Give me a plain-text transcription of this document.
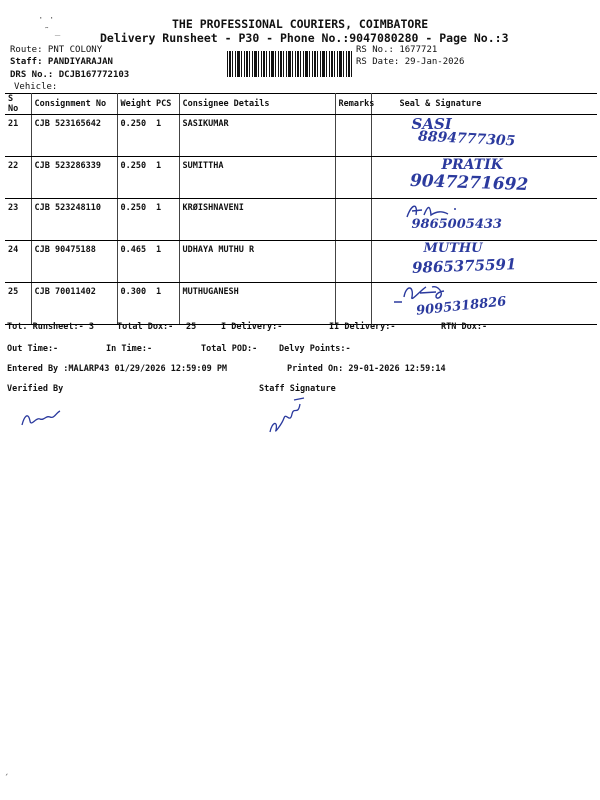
· ·
˜ _
THE PROFESSIONAL COURIERS, COIMBATORE
Delivery Runsheet - P30 - Phone No.:9047080280 - Page No.:3
Route: PNT COLONY
Staff: PANDIYARAJAN
DRS No.: DCJB167772103
Vehicle:
RS No.: 1677721
RS Date: 29-Jan-2026
S No	Consignment No	Weight	PCS	Consignee Details	Remarks	Seal & Signature
21	CJB 523165642	0.250	1	SASIKUMAR		SASI
8894777305

22	CJB 523286339	0.250	1	SUMITTHA		PRATIK
9047271692

23	CJB 523248110	0.250	1	KRØISHNAVENI		9865005433

24	CJB 90475188	0.465	1	UDHAYA MUTHU R		MUTHU
9865375591

25	CJB 70011402	0.300	1	MUTHUGANESH		9095318826
Tot. Runsheet:- 3	Total Dox:- 25	I Delivery:-	II Delivery:-	RTN Dox:-
Out Time:-	In Time:-	Total POD:-	Delvy Points:-
Entered By :MALARP43 01/29/2026 12:59:09 PM	Printed On: 29-01-2026 12:59:14
Verified By	Staff Signature
ˏ
